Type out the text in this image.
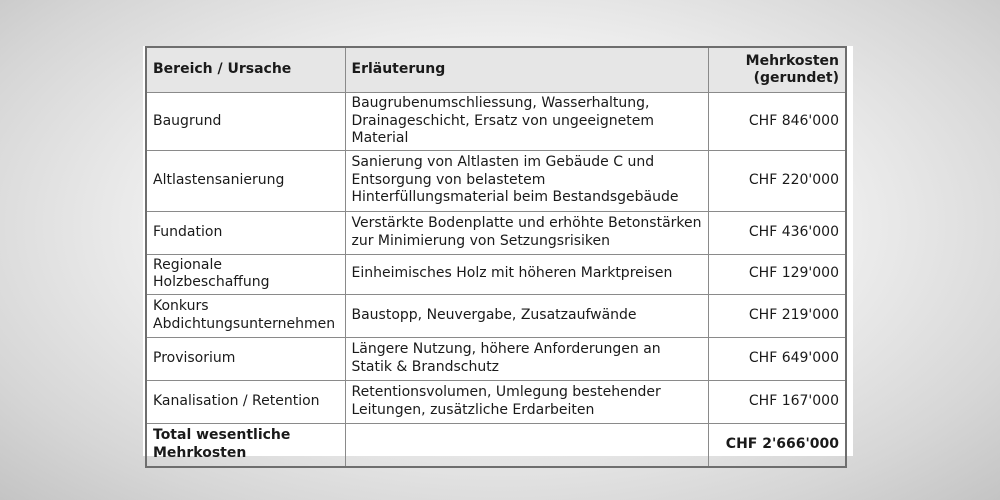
Bereich / Ursache	Erläuterung	Mehrkosten
(gerundet)

Baugrund	Baugrubenumschliessung, Wasserhaltung, Drainageschicht, Ersatz von ungeeignetem Material	CHF 846'000
Altlastensanierung	Sanierung von Altlasten im Gebäude C und Entsorgung von belastetem Hinterfüllungsmaterial beim Bestandsgebäude	CHF 220'000
Fundation	Verstärkte Bodenplatte und erhöhte Betonstärken zur Minimierung von Setzungsrisiken	CHF 436'000
Regionale Holzbeschaffung	Einheimisches Holz mit höheren Marktpreisen	CHF 129'000
Konkurs Abdichtungsunternehmen	Baustopp, Neuvergabe, Zusatzaufwände	CHF 219'000
Provisorium	Längere Nutzung, höhere Anforderungen an Statik & Brandschutz	CHF 649'000
Kanalisation / Retention	Retentionsvolumen, Umlegung bestehender Leitungen, zusätzliche Erdarbeiten	CHF 167'000
Total wesentliche Mehrkosten		CHF 2'666'000
